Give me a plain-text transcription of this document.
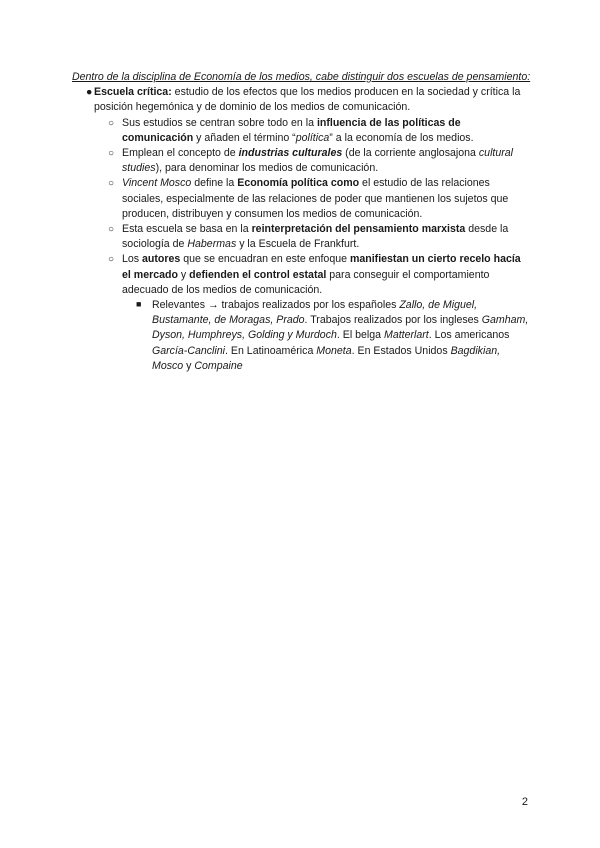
Dentro de la disciplina de Economía de los medios, cabe distinguir dos escuelas de pensamiento:
● Escuela crítica: estudio de los efectos que los medios producen en la sociedad y crítica la posición hegemónica y de dominio de los medios de comunicación.
○ Sus estudios se centran sobre todo en la influencia de las políticas de comunicación y añaden el término “política” a la economía de los medios.
○ Emplean el concepto de industrias culturales (de la corriente anglosajona cultural studies), para denominar los medios de comunicación.
○ Vincent Mosco define la Economía política como el estudio de las relaciones sociales, especialmente de las relaciones de poder que mantienen los sujetos que producen, distribuyen y consumen los medios de comunicación.
○ Esta escuela se basa en la reinterpretación del pensamiento marxista desde la sociología de Habermas y la Escuela de Frankfurt.
○ Los autores que se encuadran en este enfoque manifiestan un cierto recelo hacía el mercado y defienden el control estatal para conseguir el comportamiento adecuado de los medios de comunicación.
■ Relevantes → trabajos realizados por los españoles Zallo, de Miguel, Bustamante, de Moragas, Prado. Trabajos realizados por los ingleses Gamham, Dyson, Humphreys, Golding y Murdoch. El belga Matterlart. Los americanos García-Canclini. En Latinoamérica Moneta. En Estados Unidos Bagdikian, Mosco y Compaine
2
